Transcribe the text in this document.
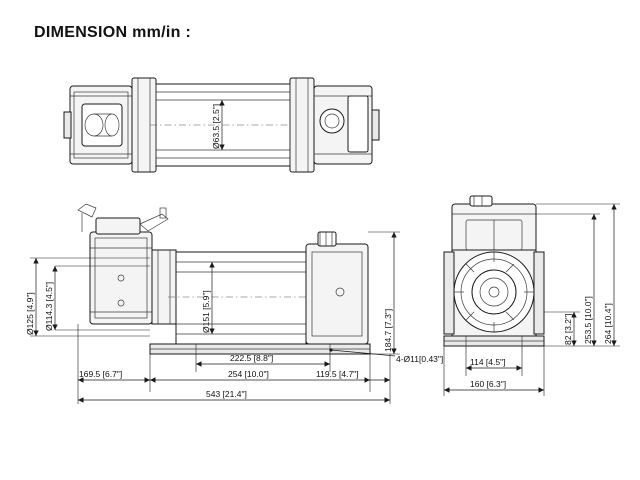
DIMENSION mm/in :
Ø63.5 [2.5"]
Ø125 [4.9"] Ø114.3 [4.5"]	Ø151 [5.9"]	184.7 [7.3"]
222.5 [8.8"]
254 [10.0"]
169.5 [6.7"]	119.5 [4.7"]
543 [21.4"]
4-Ø11[0.43"]
264 [10.4"]
253.5 [10.0"]
82 [3.2"]
114 [4.5"]
160 [6.3"]
